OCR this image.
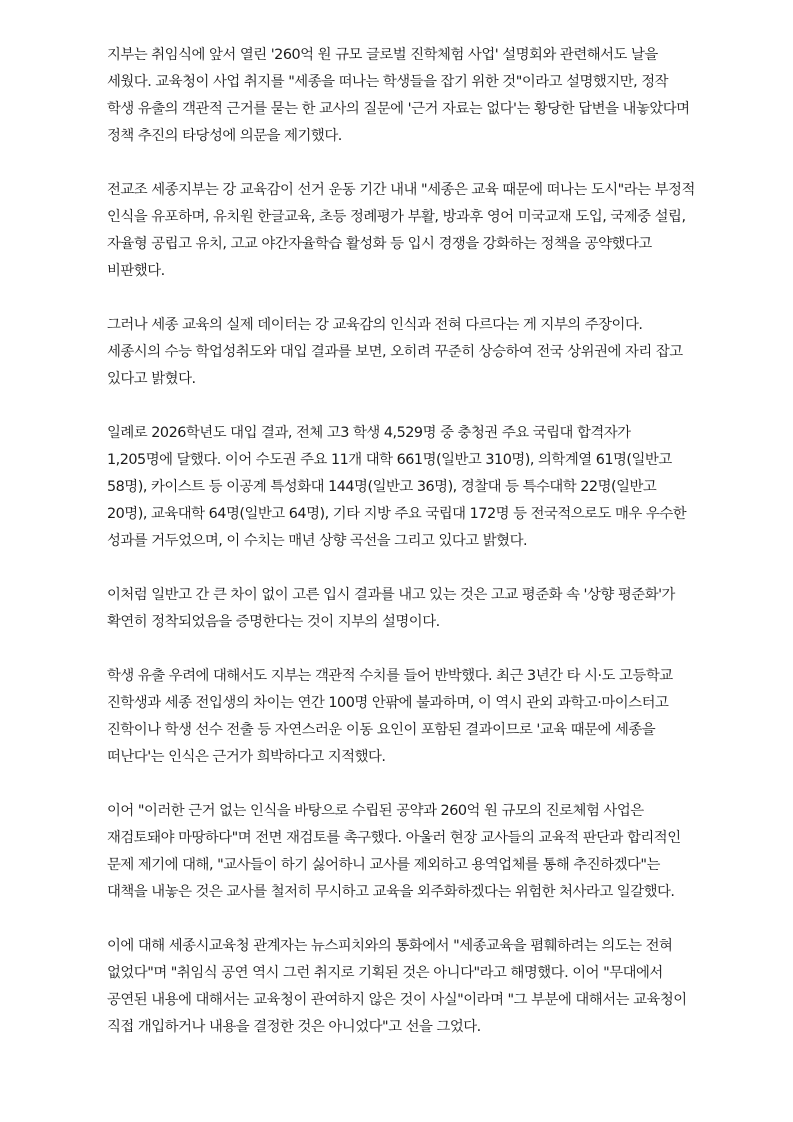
지부는 취임식에 앞서 열린 '260억 원 규모 글로벌 진학체험 사업' 설명회와 관련해서도 날을 세웠다. 교육청이 사업 취지를 "세종을 떠나는 학생들을 잡기 위한 것"이라고 설명했지만, 정작 학생 유출의 객관적 근거를 묻는 한 교사의 질문에 '근거 자료는 없다'는 황당한 답변을 내놓았다며 정책 추진의 타당성에 의문을 제기했다.

전교조 세종지부는 강 교육감이 선거 운동 기간 내내 "세종은 교육 때문에 떠나는 도시"라는 부정적 인식을 유포하며, 유치원 한글교육, 초등 정례평가 부활, 방과후 영어 미국교재 도입, 국제중 설립, 자율형 공립고 유치, 고교 야간자율학습 활성화 등 입시 경쟁을 강화하는 정책을 공약했다고 비판했다.

그러나 세종 교육의 실제 데이터는 강 교육감의 인식과 전혀 다르다는 게 지부의 주장이다. 세종시의 수능 학업성취도와 대입 결과를 보면, 오히려 꾸준히 상승하여 전국 상위권에 자리 잡고 있다고 밝혔다.

일례로 2026학년도 대입 결과, 전체 고3 학생 4,529명 중 충청권 주요 국립대 합격자가 1,205명에 달했다. 이어 수도권 주요 11개 대학 661명(일반고 310명), 의학계열 61명(일반고 58명), 카이스트 등 이공계 특성화대 144명(일반고 36명), 경찰대 등 특수대학 22명(일반고 20명), 교육대학 64명(일반고 64명), 기타 지방 주요 국립대 172명 등 전국적으로도 매우 우수한 성과를 거두었으며, 이 수치는 매년 상향 곡선을 그리고 있다고 밝혔다.

이처럼 일반고 간 큰 차이 없이 고른 입시 결과를 내고 있는 것은 고교 평준화 속 '상향 평준화'가 확연히 정착되었음을 증명한다는 것이 지부의 설명이다.

학생 유출 우려에 대해서도 지부는 객관적 수치를 들어 반박했다. 최근 3년간 타 시·도 고등학교 진학생과 세종 전입생의 차이는 연간 100명 안팎에 불과하며, 이 역시 관외 과학고·마이스터고 진학이나 학생 선수 전출 등 자연스러운 이동 요인이 포함된 결과이므로 '교육 때문에 세종을 떠난다'는 인식은 근거가 희박하다고 지적했다.

이어 "이러한 근거 없는 인식을 바탕으로 수립된 공약과 260억 원 규모의 진로체험 사업은 재검토돼야 마땅하다"며 전면 재검토를 촉구했다. 아울러 현장 교사들의 교육적 판단과 합리적인 문제 제기에 대해, "교사들이 하기 싫어하니 교사를 제외하고 용역업체를 통해 추진하겠다"는 대책을 내놓은 것은 교사를 철저히 무시하고 교육을 외주화하겠다는 위험한 처사라고 일갈했다.

이에 대해 세종시교육청 관계자는 뉴스피치와의 통화에서 "세종교육을 폄훼하려는 의도는 전혀 없었다"며 "취임식 공연 역시 그런 취지로 기획된 것은 아니다"라고 해명했다. 이어 "무대에서 공연된 내용에 대해서는 교육청이 관여하지 않은 것이 사실"이라며 "그 부분에 대해서는 교육청이 직접 개입하거나 내용을 결정한 것은 아니었다"고 선을 그었다.
